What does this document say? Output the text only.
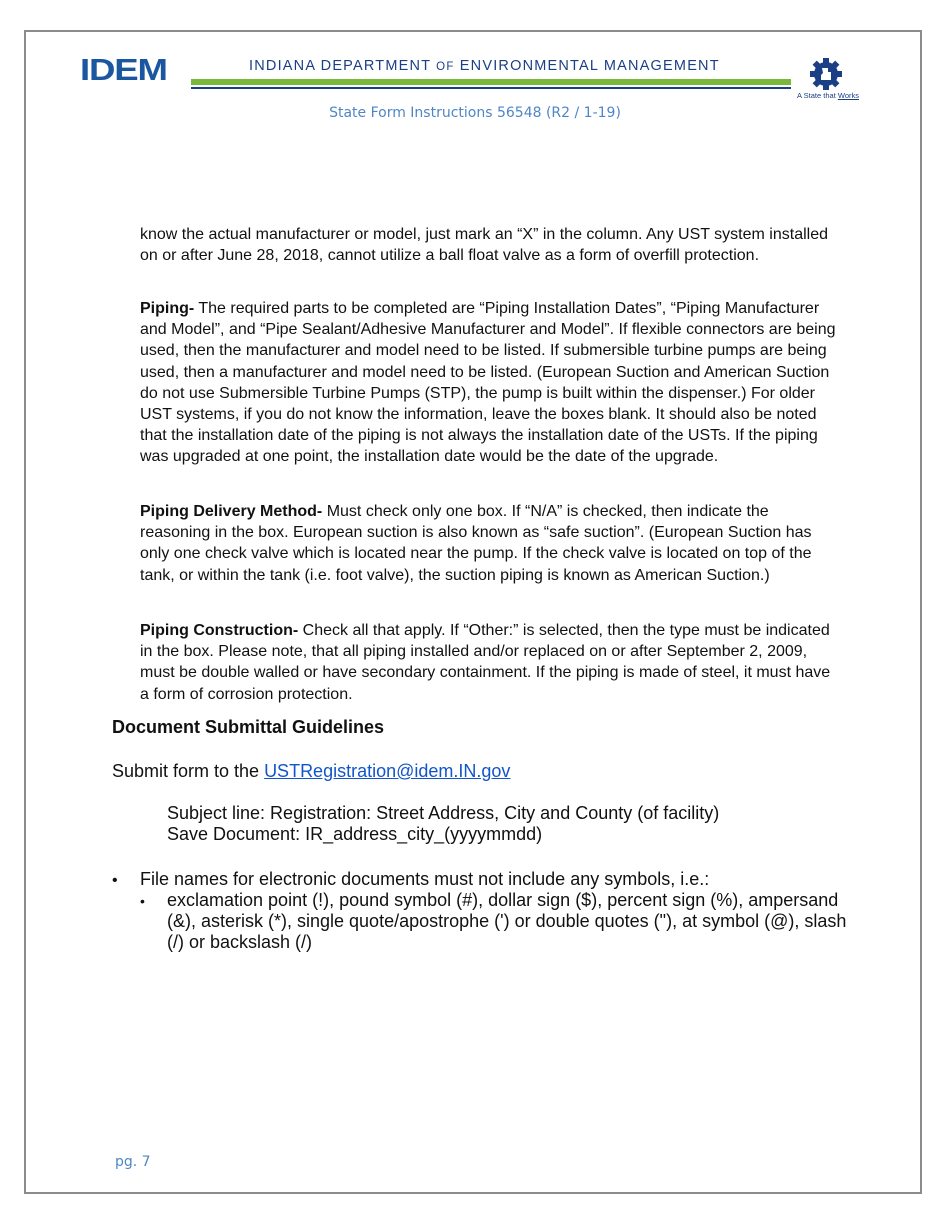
IDEM	INDIANA DEPARTMENT OF ENVIRONMENTAL MANAGEMENT
A State that Works
State Form Instructions 56548 (R2 / 1-19)
know the actual manufacturer or model, just mark an “X” in the column. Any UST system installed on or after June 28, 2018, cannot utilize a ball float valve as a form of overfill protection.
Piping- The required parts to be completed are “Piping Installation Dates”, “Piping Manufacturer and Model”, and “Pipe Sealant/Adhesive Manufacturer and Model”. If flexible connectors are being used, then the manufacturer and model need to be listed. If submersible turbine pumps are being used, then a manufacturer and model need to be listed. (European Suction and American Suction do not use Submersible Turbine Pumps (STP), the pump is built within the dispenser.) For older UST systems, if you do not know the information, leave the boxes blank. It should also be noted that the installation date of the piping is not always the installation date of the USTs. If the piping was upgraded at one point, the installation date would be the date of the upgrade.
Piping Delivery Method- Must check only one box. If “N/A” is checked, then indicate the reasoning in the box. European suction is also known as “safe suction”. (European Suction has only one check valve which is located near the pump. If the check valve is located on top of the tank, or within the tank (i.e. foot valve), the suction piping is known as American Suction.)
Piping Construction- Check all that apply. If “Other:” is selected, then the type must be indicated in the box. Please note, that all piping installed and/or replaced on or after September 2, 2009, must be double walled or have secondary containment. If the piping is made of steel, it must have a form of corrosion protection.
Document Submittal Guidelines
Submit form to the USTRegistration@idem.IN.gov
Subject line: Registration: Street Address, City and County (of facility)
Save Document: IR_address_city_(yyyymmdd)
• File names for electronic documents must not include any symbols, i.e.:
• exclamation point (!), pound symbol (#), dollar sign ($), percent sign (%), ampersand (&), asterisk (*), single quote/apostrophe (') or double quotes ("), at symbol (@), slash (/) or backslash (/)
pg. 7
